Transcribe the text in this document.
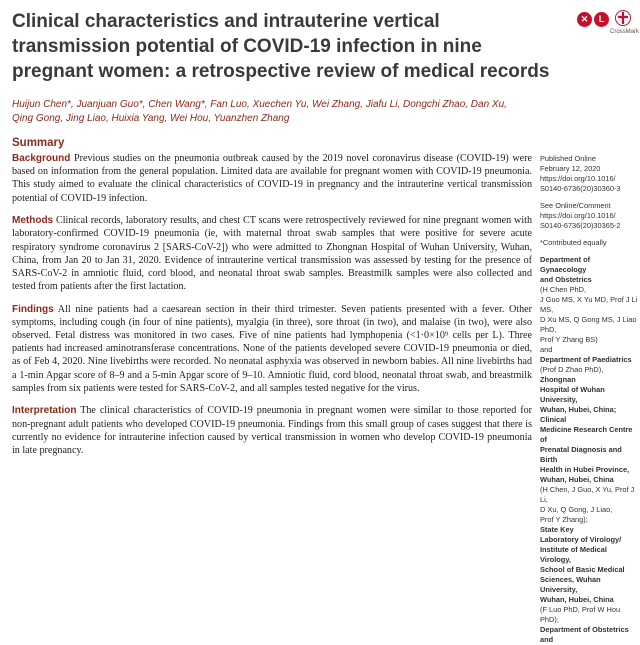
Clinical characteristics and intrauterine vertical transmission potential of COVID-19 infection in nine pregnant women: a retrospective review of medical records
✕	L
CrossMark

Huijun Chen*, Juanjuan Guo*, Chen Wang*, Fan Luo, Xuechen Yu, Wei Zhang, Jiafu Li, Dongchi Zhao, Dan Xu, Qing Gong, Jing Liao, Huixia Yang, Wei Hou, Yuanzhen Zhang

Summary

Background Previous studies on the pneumonia outbreak caused by the 2019 novel coronavirus disease (COVID-19) were based on information from the general population. Limited data are available for pregnant women with COVID-19 pneumonia. This study aimed to evaluate the clinical characteristics of COVID-19 in pregnancy and the intrauterine vertical transmission potential of COVID-19 infection.

Methods Clinical records, laboratory results, and chest CT scans were retrospectively reviewed for nine pregnant women with laboratory-confirmed COVID-19 pneumonia (ie, with maternal throat swab samples that were positive for severe acute respiratory syndrome coronavirus 2 [SARS-CoV-2]) who were admitted to Zhongnan Hospital of Wuhan University, Wuhan, China, from Jan 20 to Jan 31, 2020. Evidence of intrauterine vertical transmission was assessed by testing for the presence of SARS-CoV-2 in amniotic fluid, cord blood, and neonatal throat swab samples. Breastmilk samples were also collected and tested from patients after the first lactation.

Findings All nine patients had a caesarean section in their third trimester. Seven patients presented with a fever. Other symptoms, including cough (in four of nine patients), myalgia (in three), sore throat (in two), and malaise (in two), were also observed. Fetal distress was monitored in two cases. Five of nine patients had lymphopenia (<1·0×10⁹ cells per L). Three patients had increased aminotransferase concentrations. None of the patients developed severe COVID-19 pneumonia or died, as of Feb 4, 2020. Nine livebirths were recorded. No neonatal asphyxia was observed in newborn babies. All nine livebirths had a 1-min Apgar score of 8–9 and a 5-min Apgar score of 9–10. Amniotic fluid, cord blood, neonatal throat swab, and breastmilk samples from six patients were tested for SARS-CoV-2, and all samples tested negative for the virus.

Interpretation The clinical characteristics of COVID-19 pneumonia in pregnant women were similar to those reported for non-pregnant adult patients who developed COVID-19 pneumonia. Findings from this small group of cases suggest that there is currently no evidence for intrauterine infection caused by vertical transmission in women who develop COVID-19 pneumonia in late pregnancy.

Published Online

February 12, 2020

https://doi.org/10.1016/

S0140-6736(20)30360-3

See Online/Comment

https://doi.org/10.1016/

S0140-6736(20)30365-2

*Contributed equally

Department of Gynaecology

and Obstetrics

(H Chen PhD,

J Guo MS, X Yu MD, Prof J Li MS,

D Xu MS, Q Gong MS, J Liao PhD,

Prof Y Zhang BS)

and

Department of Paediatrics

(Prof D Zhao PhD),

Zhongnan

Hospital of Wuhan University,

Wuhan, Hubei, China;

Clinical

Medicine Research Centre of

Prenatal Diagnosis and Birth

Health in Hubei Province,

Wuhan, Hubei, China

(H Chen, J Guo, X Yu, Prof J Li,

D Xu, Q Gong, J Liao,

Prof Y Zhang);

State Key

Laboratory of Virology/

Institute of Medical Virology,

School of Basic Medical

Sciences, Wuhan University,

Wuhan, Hubei, China

(F Luo PhD, Prof W Hou PhD);

Department of Obstetrics and
